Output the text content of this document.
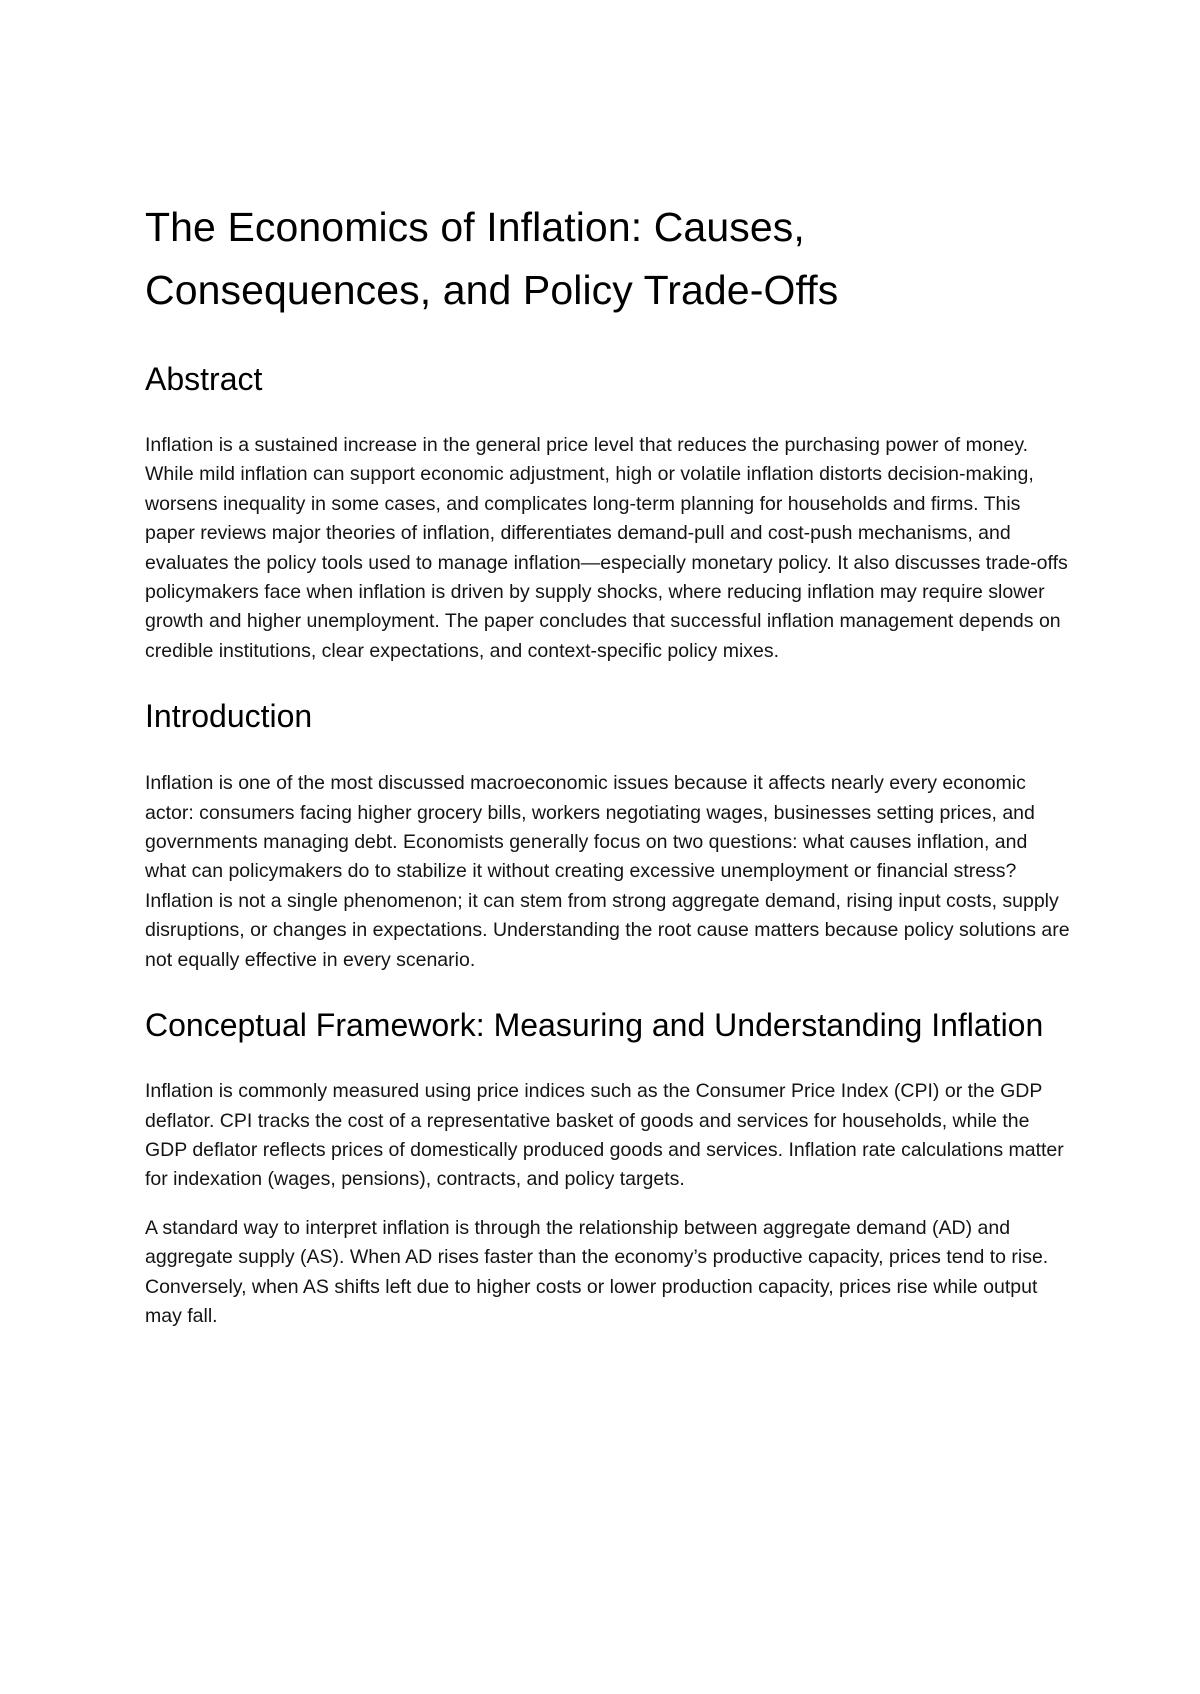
The Economics of Inflation: Causes, Consequences, and Policy Trade-Offs
Abstract

Inflation is a sustained increase in the general price level that reduces the purchasing power of money. While mild inflation can support economic adjustment, high or volatile inflation distorts decision-making, worsens inequality in some cases, and complicates long-term planning for households and firms. This paper reviews major theories of inflation, differentiates demand-pull and cost-push mechanisms, and evaluates the policy tools used to manage inflation—especially monetary policy. It also discusses trade-offs policymakers face when inflation is driven by supply shocks, where reducing inflation may require slower growth and higher unemployment. The paper concludes that successful inflation management depends on credible institutions, clear expectations, and context-specific policy mixes.

Introduction

Inflation is one of the most discussed macroeconomic issues because it affects nearly every economic actor: consumers facing higher grocery bills, workers negotiating wages, businesses setting prices, and governments managing debt. Economists generally focus on two questions: what causes inflation, and what can policymakers do to stabilize it without creating excessive unemployment or financial stress? Inflation is not a single phenomenon; it can stem from strong aggregate demand, rising input costs, supply disruptions, or changes in expectations. Understanding the root cause matters because policy solutions are not equally effective in every scenario.

Conceptual Framework: Measuring and Understanding Inflation

Inflation is commonly measured using price indices such as the Consumer Price Index (CPI) or the GDP deflator. CPI tracks the cost of a representative basket of goods and services for households, while the GDP deflator reflects prices of domestically produced goods and services. Inflation rate calculations matter for indexation (wages, pensions), contracts, and policy targets.

A standard way to interpret inflation is through the relationship between aggregate demand (AD) and aggregate supply (AS). When AD rises faster than the economy’s productive capacity, prices tend to rise. Conversely, when AS shifts left due to higher costs or lower production capacity, prices rise while output may fall.
